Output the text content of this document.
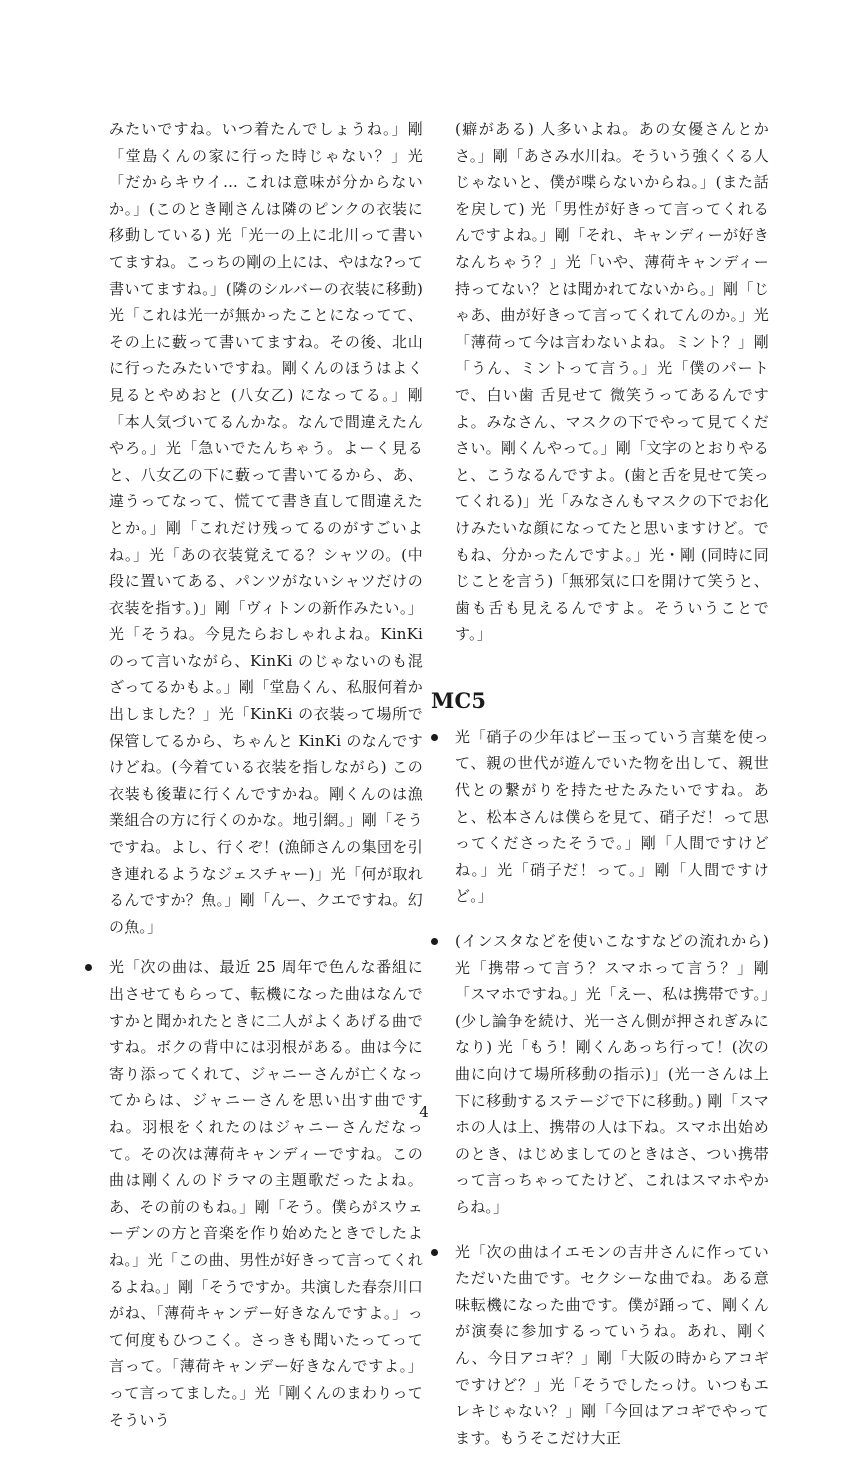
みたいですね。いつ着たんでしょうね。」剛「堂島くんの家に行った時じゃない？」光「だからキウイ... これは意味が分からないか。」(このとき剛さんは隣のピンクの衣装に移動している) 光「光一の上に北川って書いてますね。こっちの剛の上には、やはな?って書いてますね。」(隣のシルバーの衣装に移動) 光「これは光一が無かったことになってて、その上に藪って書いてますね。その後、北山に行ったみたいですね。剛くんのほうはよく見るとやめおと (八女乙) になってる。」剛「本人気づいてるんかな。なんで間違えたんやろ。」光「急いでたんちゃう。よーく見ると、八女乙の下に藪って書いてるから、あ、違うってなって、慌てて書き直して間違えたとか。」剛「これだけ残ってるのがすごいよね。」光「あの衣装覚えてる？シャツの。(中段に置いてある、パンツがないシャツだけの衣装を指す。)」剛「ヴィトンの新作みたい。」光「そうね。今見たらおしゃれよね。KinKi のって言いながら、KinKi のじゃないのも混ざってるかもよ。」剛「堂島くん、私服何着か出しました？」光「KinKi の衣装って場所で保管してるから、ちゃんと KinKi のなんですけどね。(今着ている衣装を指しながら) この衣装も後輩に行くんですかね。剛くんのは漁業組合の方に行くのかな。地引網。」剛「そうですね。よし、行くぞ！(漁師さんの集団を引き連れるようなジェスチャー)」光「何が取れるんですか？魚。」剛「んー、クエですね。幻の魚。」

光「次の曲は、最近 25 周年で色んな番組に出させてもらって、転機になった曲はなんですかと聞かれたときに二人がよくあげる曲ですね。ボクの背中には羽根がある。曲は今に寄り添ってくれて、ジャニーさんが亡くなってからは、ジャニーさんを思い出す曲ですね。羽根をくれたのはジャニーさんだなって。その次は薄荷キャンディーですね。この曲は剛くんのドラマの主題歌だったよね。あ、その前のもね。」剛「そう。僕らがスウェーデンの方と音楽を作り始めたときでしたよね。」光「この曲、男性が好きって言ってくれるよね。」剛「そうですか。共演した春奈川口がね、「薄荷キャンデー好きなんですよ。」って何度もひつこく。さっきも聞いたってって言って。「薄荷キャンデー好きなんですよ。」って言ってました。」光「剛くんのまわりってそういう

(癖がある) 人多いよね。あの女優さんとかさ。」剛「あさみ水川ね。そういう強くくる人じゃないと、僕が喋らないからね。」(また話を戻して) 光「男性が好きって言ってくれるんですよね。」剛「それ、キャンディーが好きなんちゃう？」光「いや、薄荷キャンディー持ってない？とは聞かれてないから。」剛「じゃあ、曲が好きって言ってくれてんのか。」光「薄荷って今は言わないよね。ミント？」剛「うん、ミントって言う。」光「僕のパートで、白い歯 舌見せて 微笑うってあるんですよ。みなさん、マスクの下でやって見てください。剛くんやって。」剛「文字のとおりやると、こうなるんですよ。(歯と舌を見せて笑ってくれる)」光「みなさんもマスクの下でお化けみたいな顔になってたと思いますけど。でもね、分かったんですよ。」光・剛 (同時に同じことを言う)「無邪気に口を開けて笑うと、歯も舌も見えるんですよ。そういうことです。」

MC5
光「硝子の少年はビー玉っていう言葉を使って、親の世代が遊んでいた物を出して、親世代との繋がりを持たせたみたいですね。あと、松本さんは僕らを見て、硝子だ！って思ってくださったそうで。」剛「人間ですけどね。」光「硝子だ！って。」剛「人間ですけど。」
(インスタなどを使いこなすなどの流れから) 光「携帯って言う？スマホって言う？」剛「スマホですね。」光「えー、私は携帯です。」(少し論争を続け、光一さん側が押されぎみになり) 光「もう！剛くんあっち行って！(次の曲に向けて場所移動の指示)」(光一さんは上下に移動するステージで下に移動。) 剛「スマホの人は上、携帯の人は下ね。スマホ出始めのとき、はじめましてのときはさ、つい携帯って言っちゃってたけど、これはスマホやからね。」
光「次の曲はイエモンの吉井さんに作っていただいた曲です。セクシーな曲でね。ある意味転機になった曲です。僕が踊って、剛くんが演奏に参加するっていうね。あれ、剛くん、今日アコギ？」剛「大阪の時からアコギですけど？」光「そうでしたっけ。いつもエレキじゃない？」剛「今回はアコギでやってます。もうそこだけ大正
4
